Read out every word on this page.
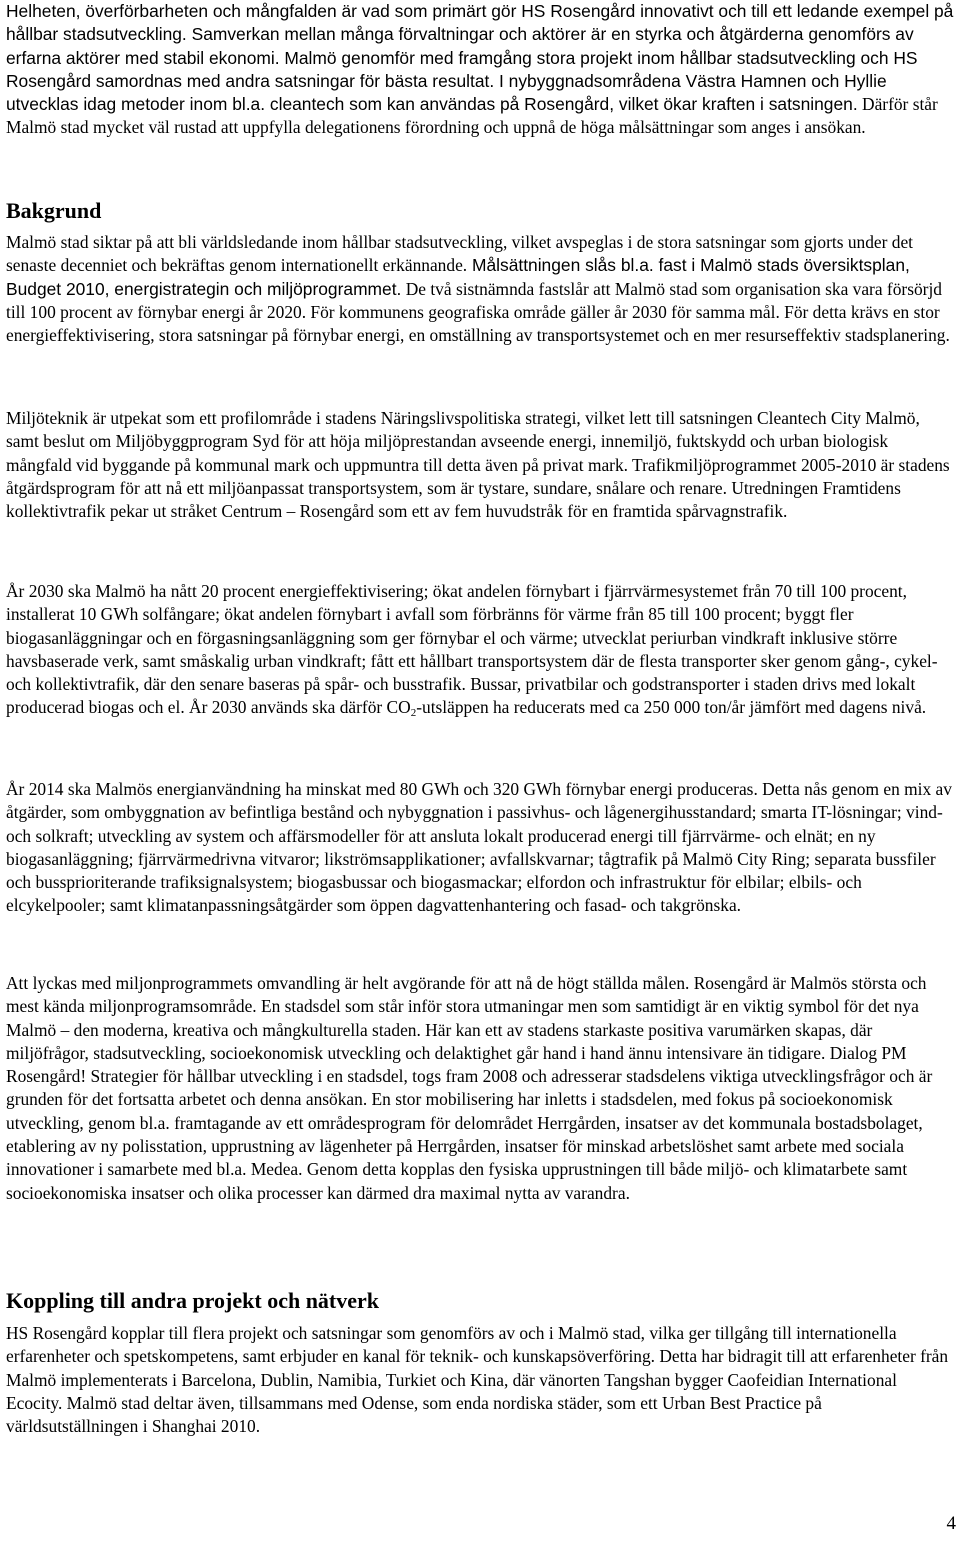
Helheten, överförbarheten och mångfalden är vad som primärt gör HS Rosengård innovativt och till ett ledande exempel på hållbar stadsutveckling. Samverkan mellan många förvaltningar och aktörer är en styrka och åtgärderna genomförs av erfarna aktörer med stabil ekonomi. Malmö genomför med framgång stora projekt inom hållbar stadsutveckling och HS Rosengård samordnas med andra satsningar för bästa resultat. I nybyggnadsområdena Västra Hamnen och Hyllie utvecklas idag metoder inom bl.a. cleantech som kan användas på Rosengård, vilket ökar kraften i satsningen. Därför står Malmö stad mycket väl rustad att uppfylla delegationens förordning och uppnå de höga målsättningar som anges i ansökan.

Bakgrund

Malmö stad siktar på att bli världsledande inom hållbar stadsutveckling, vilket avspeglas i de stora satsningar som gjorts under det senaste decenniet och bekräftas genom internationellt erkännande. Målsättningen slås bl.a. fast i Malmö stads översiktsplan, Budget 2010, energistrategin och miljöprogrammet. De två sistnämnda fastslår att Malmö stad som organisation ska vara försörjd till 100 procent av förnybar energi år 2020. För kommunens geografiska område gäller år 2030 för samma mål. För detta krävs en stor energieffektivisering, stora satsningar på förnybar energi, en omställning av transportsystemet och en mer resurseffektiv stadsplanering.

Miljöteknik är utpekat som ett profilområde i stadens Näringslivspolitiska strategi, vilket lett till satsningen Cleantech City Malmö, samt beslut om Miljöbyggprogram Syd för att höja miljöprestandan avseende energi, innemiljö, fuktskydd och urban biologisk mångfald vid byggande på kommunal mark och uppmuntra till detta även på privat mark. Trafikmiljöprogrammet 2005-2010 är stadens åtgärdsprogram för att nå ett miljöanpassat transportsystem, som är tystare, sundare, snålare och renare. Utredningen Framtidens kollektivtrafik pekar ut stråket Centrum – Rosengård som ett av fem huvudstråk för en framtida spårvagnstrafik.

År 2030 ska Malmö ha nått 20 procent energieffektivisering; ökat andelen förnybart i fjärrvärmesystemet från 70 till 100 procent, installerat 10 GWh solfångare; ökat andelen förnybart i avfall som förbränns för värme från 85 till 100 procent; byggt fler biogasanläggningar och en förgasningsanläggning som ger förnybar el och värme; utvecklat periurban vindkraft inklusive större havsbaserade verk, samt småskalig urban vindkraft; fått ett hållbart transportsystem där de flesta transporter sker genom gång-, cykel- och kollektivtrafik, där den senare baseras på spår- och busstrafik. Bussar, privatbilar och godstransporter i staden drivs med lokalt producerad biogas och el. År 2030 används ska därför $CO_2$-utsläppen ha reducerats med ca 250 000 ton/år jämfört med dagens nivå.

År 2014 ska Malmös energianvändning ha minskat med 80 GWh och 320 GWh förnybar energi produceras. Detta nås genom en mix av åtgärder, som ombyggnation av befintliga bestånd och nybyggnation i passivhus- och lågenergihusstandard; smarta IT-lösningar; vind- och solkraft; utveckling av system och affärsmodeller för att ansluta lokalt producerad energi till fjärrvärme- och elnät; en ny biogasanläggning; fjärrvärmedrivna vitvaror; likströmsapplikationer; avfallskvarnar; tågtrafik på Malmö City Ring; separata bussfiler och bussprioriterande trafiksignalsystem; biogasbussar och biogasmackar; elfordon och infrastruktur för elbilar; elbils- och elcykelpooler; samt klimatanpassningsåtgärder som öppen dagvattenhantering och fasad- och takgrönska.

Att lyckas med miljonprogrammets omvandling är helt avgörande för att nå de högt ställda målen. Rosengård är Malmös största och mest kända miljonprogramsområde. En stadsdel som står inför stora utmaningar men som samtidigt är en viktig symbol för det nya Malmö – den moderna, kreativa och mångkulturella staden. Här kan ett av stadens starkaste positiva varumärken skapas, där miljöfrågor, stadsutveckling, socioekonomisk utveckling och delaktighet går hand i hand ännu intensivare än tidigare. Dialog PM Rosengård! Strategier för hållbar utveckling i en stadsdel, togs fram 2008 och adresserar stadsdelens viktiga utvecklingsfrågor och är grunden för det fortsatta arbetet och denna ansökan. En stor mobilisering har inletts i stadsdelen, med fokus på socioekonomisk utveckling, genom bl.a. framtagande av ett områdesprogram för delområdet Herrgården, insatser av det kommunala bostadsbolaget, etablering av ny polisstation, upprustning av lägenheter på Herrgården, insatser för minskad arbetslöshet samt arbete med sociala innovationer i samarbete med bl.a. Medea. Genom detta kopplas den fysiska upprustningen till både miljö- och klimatarbete samt socioekonomiska insatser och olika processer kan därmed dra maximal nytta av varandra.

Koppling till andra projekt och nätverk

HS Rosengård kopplar till flera projekt och satsningar som genomförs av och i Malmö stad, vilka ger tillgång till internationella erfarenheter och spetskompetens, samt erbjuder en kanal för teknik- och kunskapsöverföring. Detta har bidragit till att erfarenheter från Malmö implementerats i Barcelona, Dublin, Namibia, Turkiet och Kina, där vänorten Tangshan bygger Caofeidian International Ecocity. Malmö stad deltar även, tillsammans med Odense, som enda nordiska städer, som ett Urban Best Practice på världsutställningen i Shanghai 2010.

4
